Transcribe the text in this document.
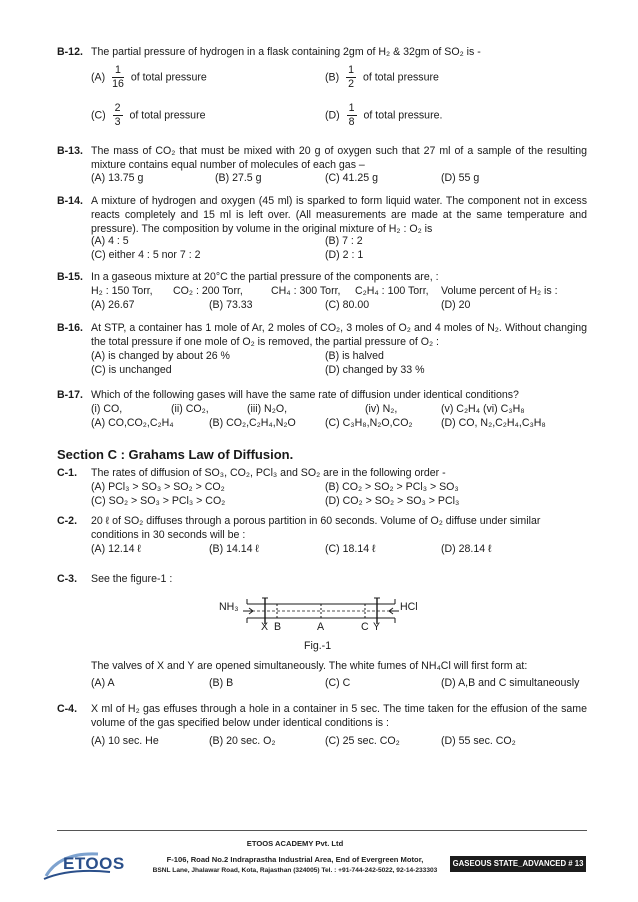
B-12. The partial pressure of hydrogen in a flask containing 2gm of H₂ & 32gm of SO₂ is -
$(A) \frac{1}{16}$ of total pressure	$(B) \frac{1}{2}$ of total pressure
$(C) \frac{2}{3}$ of total pressure	$(D) \frac{1}{8}$ of total pressure.
B-13. The mass of CO₂ that must be mixed with 20 g of oxygen such that 27 ml of a sample of the resulting mixture contains equal number of molecules of each gas –
(A) 13.75 g	(B) 27.5 g	(C) 41.25 g	(D) 55 g
B-14. A mixture of hydrogen and oxygen (45 ml) is sparked to form liquid water. The component not in excess reacts completely and 15 ml is left over. (All measurements are made at the same temperature and pressure). The composition by volume in the original mixture of H₂ : O₂ is
(A) 4 : 5	(B) 7 : 2
(C) either 4 : 5 nor 7 : 2	(D) 2 : 1
B-15. In a gaseous mixture at 20°C the partial pressure of the components are, :
H₂ : 150 Torr, CO₂ : 200 Torr,	CH₄ : 300 Torr, C₂H₄ : 100 Torr, Volume percent of H₂ is :
(A) 26.67	(B) 73.33	(C) 80.00	(D) 20
B-16. At STP, a container has 1 mole of Ar, 2 moles of CO₂, 3 moles of O₂ and 4 moles of N₂. Without changing the total pressure if one mole of O₂ is removed, the partial pressure of O₂ :
(A) is changed by about 26 %	(B) is halved
(C) is unchanged	(D) changed by 33 %
B-17. Which of the following gases will have the same rate of diffusion under identical conditions?
(i) CO,	(ii) CO₂,	(iii) N₂O,	(iv) N₂,	(v) C₂H₄ (vi) C₃H₈
(A) CO,CO₂,C₂H₄	(B) CO₂,C₂H₄,N₂O	(C) C₃H₈,N₂O,CO₂	(D) CO, N₂,C₂H₄,C₃H₈
Section C : Grahams Law of Diffusion.
C-1. The rates of diffusion of SO₃, CO₂, PCl₃ and SO₂ are in the following order -
(A) PCl₃ > SO₃ > SO₂ > CO₂	(B) CO₂ > SO₂ > PCl₃ > SO₃
(C) SO₂ > SO₃ > PCl₃ > CO₂	(D) CO₂ > SO₂ > SO₃ > PCl₃
C-2. 20 ℓ of SO₂ diffuses through a porous partition in 60 seconds. Volume of O₂ diffuse under similar conditions in 30 seconds will be :
(A) 12.14 ℓ	(B) 14.14 ℓ	(C) 18.14 ℓ	(D) 28.14 ℓ
C-3. See the figure-1 :
NH₃	HCl
X B	A	C Y
Fig.-1
The valves of X and Y are opened simultaneously. The white fumes of NH₄Cl will first form at:
(A) A	(B) B	(C) C	(D) A,B and C simultaneously
C-4. X ml of H₂ gas effuses through a hole in a container in 5 sec. The time taken for the effusion of the same volume of the gas specified below under identical conditions is :
(A) 10 sec. He	(B) 20 sec. O₂	(C) 25 sec. CO₂	(D) 55 sec. CO₂
ETOOS
ETOOS ACADEMY Pvt. Ltd
F-106, Road No.2 Indraprastha Industrial Area, End of Evergreen Motor,
BSNL Lane, Jhalawar Road, Kota, Rajasthan (324005) Tel. : +91-744-242-5022, 92-14-233303
GASEOUS STATE_ADVANCED # 13
